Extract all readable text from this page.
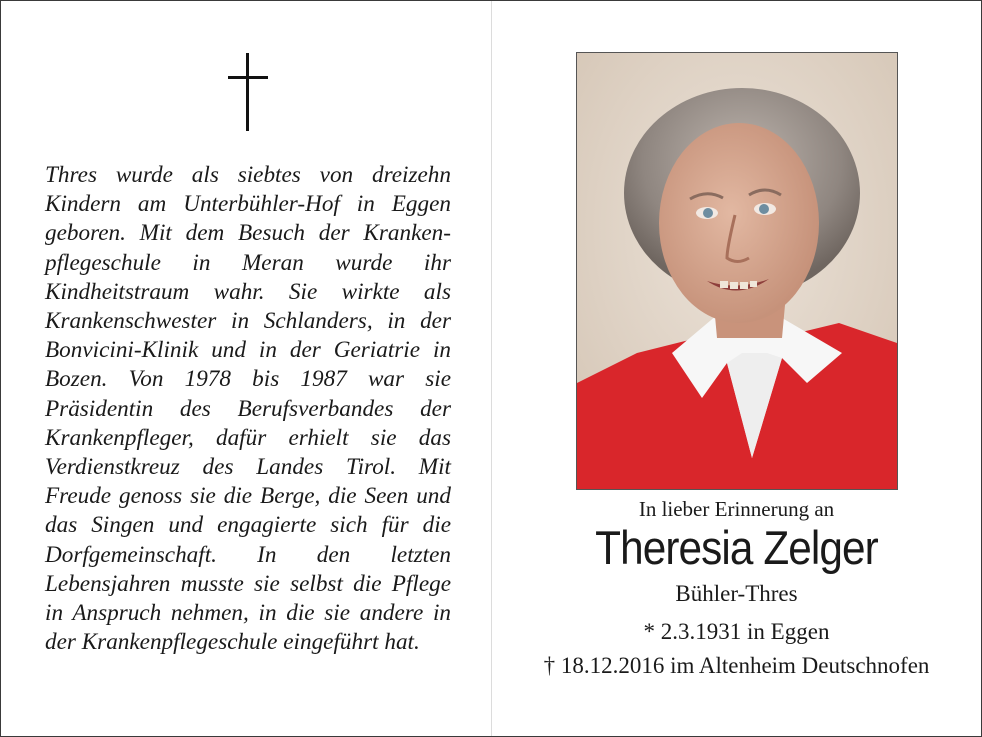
Thres wurde als siebtes von dreizehn Kindern am Unterbühler-Hof in Eggen geboren. Mit dem Besuch der Krankenpflegeschule in Meran wurde ihr Kindheitstraum wahr. Sie wirkte als Krankenschwester in Schlanders, in der Bonvicini-Klinik und in der Geriatrie in Bozen. Von 1978 bis 1987 war sie Präsidentin des Berufsverbandes der Krankenpfleger, dafür erhielt sie das Verdienstkreuz des Landes Tirol. Mit Freude genoss sie die Berge, die Seen und das Singen und engagierte sich für die Dorfgemeinschaft. In den letzten Lebensjahren musste sie selbst die Pflege in Anspruch nehmen, in die sie andere in der Krankenpflegeschule eingeführt hat.

In lieber Erinnerung an

Theresia Zelger

Bühler-Thres

* 2.3.1931 in Eggen

† 18.12.2016 im Altenheim Deutschnofen
